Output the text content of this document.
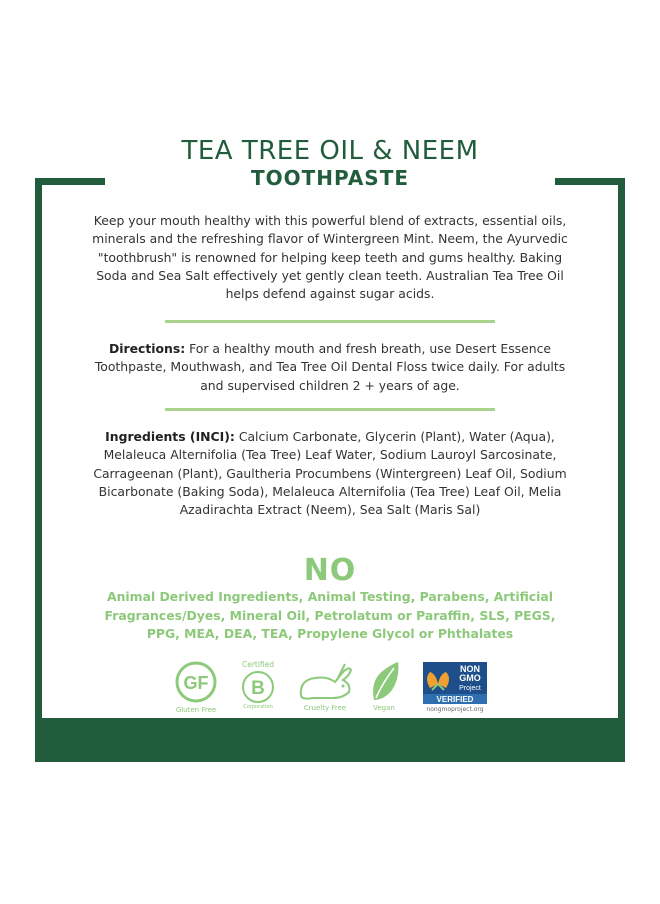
TEA TREE OIL & NEEM
TOOTHPASTE
Keep your mouth healthy with this powerful blend of extracts, essential oils, minerals and the refreshing flavor of Wintergreen Mint. Neem, the Ayurvedic "toothbrush" is renowned for helping keep teeth and gums healthy. Baking Soda and Sea Salt effectively yet gently clean teeth. Australian Tea Tree Oil helps defend against sugar acids.
Directions: For a healthy mouth and fresh breath, use Desert Essence Toothpaste, Mouthwash, and Tea Tree Oil Dental Floss twice daily. For adults and supervised children 2 + years of age.
Ingredients (INCI): Calcium Carbonate, Glycerin (Plant), Water (Aqua), Melaleuca Alternifolia (Tea Tree) Leaf Water, Sodium Lauroyl Sarcosinate, Carrageenan (Plant), Gaultheria Procumbens (Wintergreen) Leaf Oil, Sodium Bicarbonate (Baking Soda), Melaleuca Alternifolia (Tea Tree) Leaf Oil, Melia Azadirachta Extract (Neem), Sea Salt (Maris Sal)
NO
Animal Derived Ingredients, Animal Testing, Parabens, Artificial Fragrances/Dyes, Mineral Oil, Petrolatum or Paraffin, SLS, PEGS, PPG, MEA, DEA, TEA, Propylene Glycol or Phthalates
GF
Gluten Free
Certified
B
Corporation	Cruelty Free	Vegan
NON
GMO
Project
VERIFIED
nongmoproject.org
